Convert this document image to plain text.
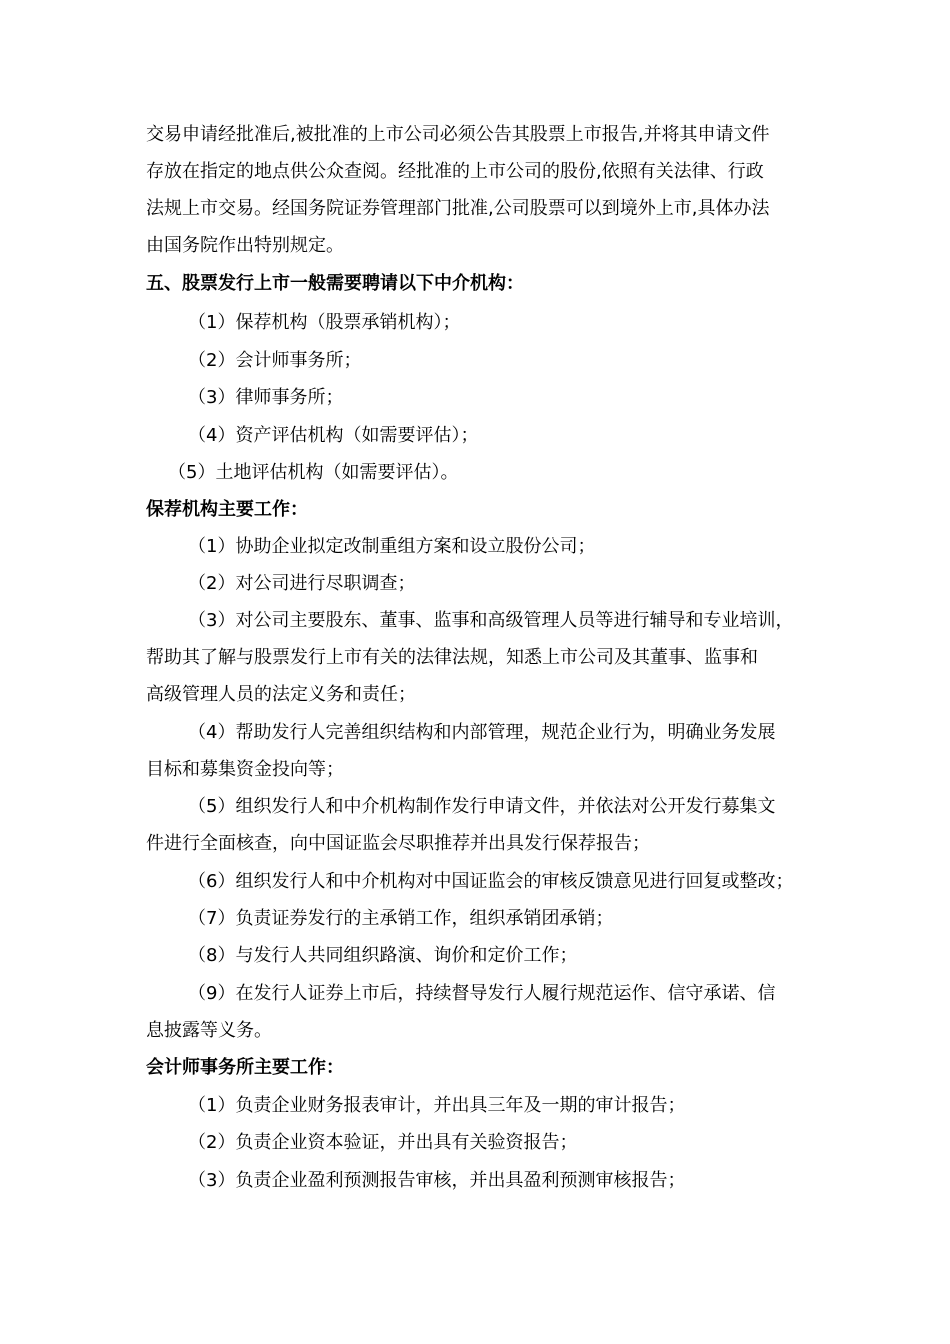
交易申请经批准后,被批准的上市公司必须公告其股票上市报告,并将其申请文件
存放在指定的地点供公众查阅。经批准的上市公司的股份,依照有关法律、行政
法规上市交易。经国务院证券管理部门批准,公司股票可以到境外上市,具体办法
由国务院作出特别规定。
五、股票发行上市一般需要聘请以下中介机构：
（1）保荐机构（股票承销机构）；
（2）会计师事务所；
（3）律师事务所；
（4）资产评估机构（如需要评估）；
（5）土地评估机构（如需要评估）。
保荐机构主要工作：
（1）协助企业拟定改制重组方案和设立股份公司；
（2）对公司进行尽职调查；
（3）对公司主要股东、董事、监事和高级管理人员等进行辅导和专业培训，
帮助其了解与股票发行上市有关的法律法规，知悉上市公司及其董事、监事和
高级管理人员的法定义务和责任；
（4）帮助发行人完善组织结构和内部管理，规范企业行为，明确业务发展
目标和募集资金投向等；
（5）组织发行人和中介机构制作发行申请文件，并依法对公开发行募集文
件进行全面核查，向中国证监会尽职推荐并出具发行保荐报告；
（6）组织发行人和中介机构对中国证监会的审核反馈意见进行回复或整改；
（7）负责证券发行的主承销工作，组织承销团承销；
（8）与发行人共同组织路演、询价和定价工作；
（9）在发行人证券上市后，持续督导发行人履行规范运作、信守承诺、信
息披露等义务。
会计师事务所主要工作：
（1）负责企业财务报表审计，并出具三年及一期的审计报告；
（2）负责企业资本验证，并出具有关验资报告；
（3）负责企业盈利预测报告审核，并出具盈利预测审核报告；
